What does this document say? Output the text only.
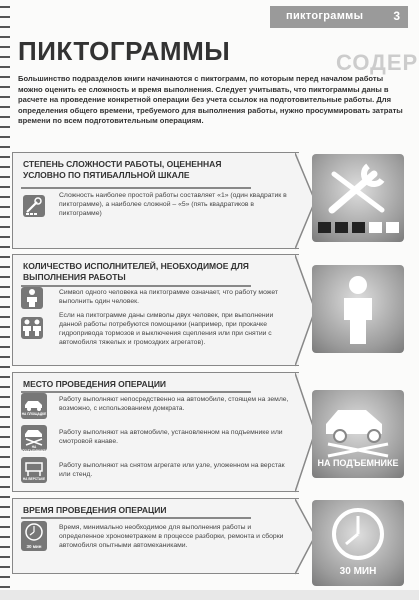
пиктограммы	3
ПИКТОГРАММЫ	СОДЕР
Большинство подразделов книги начинаются с пиктограмм, по которым перед началом работы можно оценить ее сложность и время выполнения. Следует учитывать, что пиктограммы даны в расчете на проведение конкретной операции без учета ссылок на подготовительные работы. Для определения общего времени, требуемого для выполнения работы, нужно просуммировать затраты времени по всем подготовительным операциям.
СТЕПЕНЬ СЛОЖНОСТИ РАБОТЫ, ОЦЕНЕННАЯ УСЛОВНО ПО ПЯТИБАЛЛЬНОЙ ШКАЛЕ
Сложность наиболее простой работы составляет «1» (один квадратик в пиктограмме), а наиболее сложной – «5» (пять квадратиков в пиктограмме)
КОЛИЧЕСТВО ИСПОЛНИТЕЛЕЙ, НЕОБХОДИМОЕ ДЛЯ ВЫПОЛНЕНИЯ РАБОТЫ
Символ одного человека на пиктограмме означает, что работу может выполнить один человек.
Если на пиктограмме даны символы двух человек, при выполнении данной работы потребуются помощники (например, при прокачке гидропривода тормозов и выключения сцепления или при снятии с автомобиля тяжелых и громоздких агрегатов).
МЕСТО ПРОВЕДЕНИЯ ОПЕРАЦИИ
НА ПЛОЩАДКЕ
Работу выполняют непосредственно на автомобиле, стоящем на земле, возможно, с использованием домкрата.
НА ПОДЪЕМНИКЕ
Работу выполняют на автомобиле, установленном на подъемнике или смотровой канаве.
НА ВЕРСТАКЕ
Работу выполняют на снятом агрегате или узле, уложенном на верстак или стенд.
НА ПОДЪЕМНИКЕ
ВРЕМЯ ПРОВЕДЕНИЯ ОПЕРАЦИИ
30 мин
Время, минимально необходимое для выполнения работы и определенное хронометражем в процессе разборки, ремонта и сборки автомобиля опытными автомеханиками.
30 МИН
